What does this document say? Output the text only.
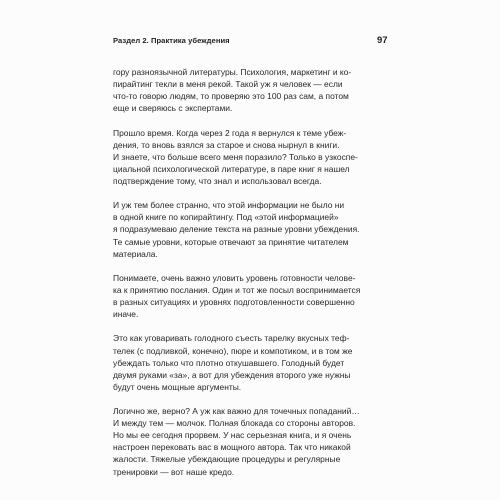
Раздел 2. Практика убеждения	97
гору разноязычной литературы. Психология, маркетинг и ко-
пирайтинг текли в меня рекой. Такой уж я человек — если
что-то говорю людям, то проверяю это 100 раз сам, а потом
еще и сверяюсь с экспертами.
Прошло время. Когда через 2 года я вернулся к теме убеж-
дения, то вновь взялся за старое и снова нырнул в книги.
И знаете, что больше всего меня поразило? Только в узкоспе-
циальной психологической литературе, в паре книг я нашел
подтверждение тому, что знал и использовал всегда.
И уж тем более странно, что этой информации не было ни
в одной книге по копирайтингу. Под «этой информацией»
я подразумеваю деление текста на разные уровни убеждения.
Те самые уровни, которые отвечают за принятие читателем
материала.
Понимаете, очень важно уловить уровень готовности человe-
ка к принятию послания. Один и тот же посыл воспринимается
в разных ситуациях и уровнях подготовленности совершенно
иначе.
Это как уговаривать голодного съесть тарелку вкусных теф-
телек (с подливкой, конечно), пюре и компотиком, и в том же
убеждать только что плотно откушавшего. Голодный будет
двумя руками «за», а вот для убеждения второго уже нужны
будут очень мощные аргументы.
Логично же, верно? А уж как важно для точечных попаданий…
И между тем — молчок. Полная блокада со стороны авторов.
Но мы ее сегодня прорвем. У нас серьезная книга, и я очень
настроен перековать вас в мощного автора. Так что никакой
жалости. Тяжелые убеждающие процедуры и регулярные
тренировки — вот наше кредо.
